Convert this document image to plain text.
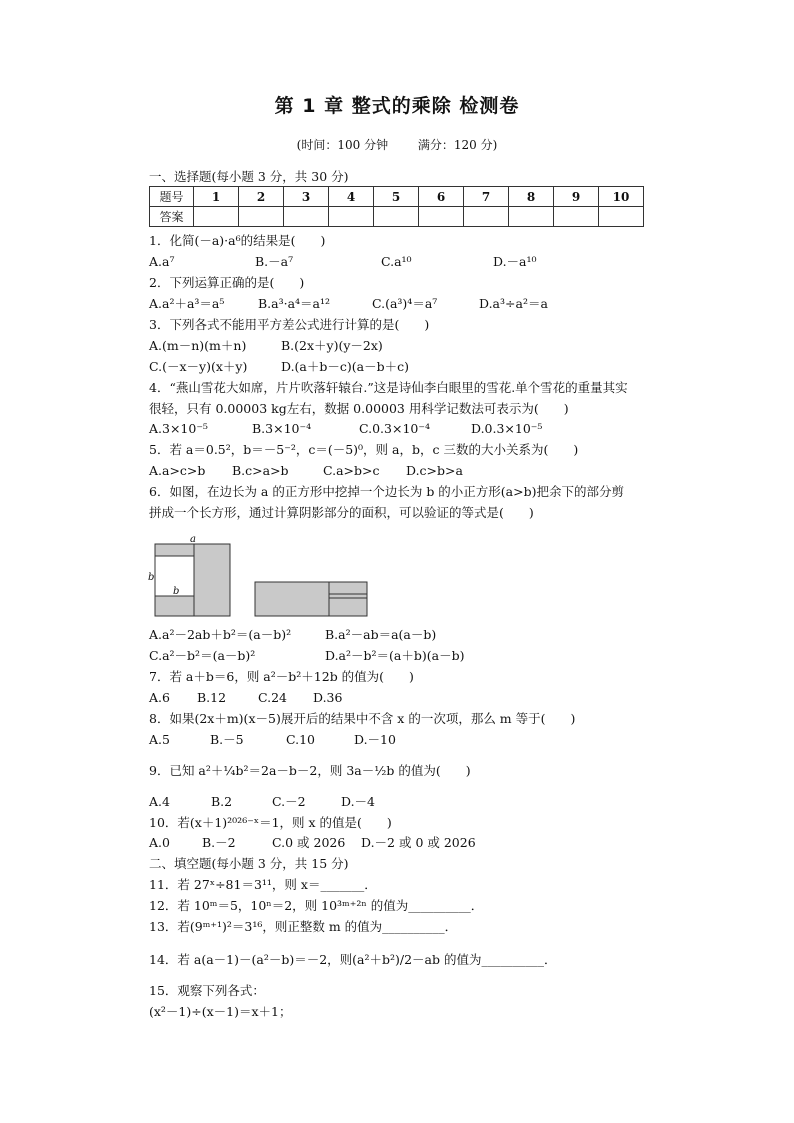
第 1 章 整式的乘除 检测卷
(时间：100 分钟 满分：120 分)
一、选择题(每小题 3 分，共 30 分)
题号	1	2	3	4	5	6	7	8	9	10
答案										
1．化简(－a)·a⁶的结果是(　　)
A.a⁷	B.－a⁷	C.a¹⁰	D.－a¹⁰
2．下列运算正确的是(　　)
A.a²＋a³＝a⁵	B.a³·a⁴＝a¹²	C.(a³)⁴＝a⁷	D.a³÷a²＝a
3．下列各式不能用平方差公式进行计算的是(　　)
A.(m－n)(m＋n)	B.(2x＋y)(y－2x)
C.(－x－y)(x＋y)	D.(a＋b－c)(a－b＋c)
4．“燕山雪花大如席，片片吹落轩辕台.”这是诗仙李白眼里的雪花.单个雪花的重量其实
很轻，只有 0.00003 kg左右，数据 0.00003 用科学记数法可表示为(　　)
A.3×10⁻⁵	B.3×10⁻⁴	C.0.3×10⁻⁴	D.0.3×10⁻⁵
5．若 a＝0.5²，b＝－5⁻²，c＝(－5)⁰，则 a，b，c 三数的大小关系为(　　)
A.a>c>b B.c>a>b	C.a>b>c D.c>b>a
6．如图，在边长为 a 的正方形中挖掉一个边长为 b 的小正方形(a>b)把余下的部分剪
拼成一个长方形，通过计算阴影部分的面积，可以验证的等式是(　　)
a
b
b
A.a²－2ab＋b²＝(a－b)²	B.a²－ab＝a(a－b)
C.a²－b²＝(a－b)²	D.a²－b²＝(a＋b)(a－b)
7．若 a＋b＝6，则 a²－b²＋12b 的值为(　　)
A.6 B.12	C.24 D.36
8．如果(2x＋m)(x－5)展开后的结果中不含 x 的一次项，那么 m 等于(　　)
A.5	B.－5	C.10	D.－10
9．已知 a²＋¼b²＝2a－b－2，则 3a－½b 的值为(　　)
A.4	B.2	C.－2	D.－4
10．若(x＋1)²⁰²⁶⁻ˣ＝1，则 x 的值是(　　)
A.0	B.－2	C.0 或 2026 D.－2 或 0 或 2026
二、填空题(每小题 3 分，共 15 分)
11．若 27ˣ÷81＝3¹¹，则 x＝_______．
12．若 10ᵐ＝5，10ⁿ＝2，则 10³ᵐ⁺²ⁿ 的值为__________．
13．若(9ᵐ⁺¹)²＝3¹⁶，则正整数 m 的值为__________．
14．若 a(a－1)－(a²－b)＝－2，则(a²＋b²)/2－ab 的值为__________．
15．观察下列各式：
(x²－1)÷(x－1)＝x＋1；
